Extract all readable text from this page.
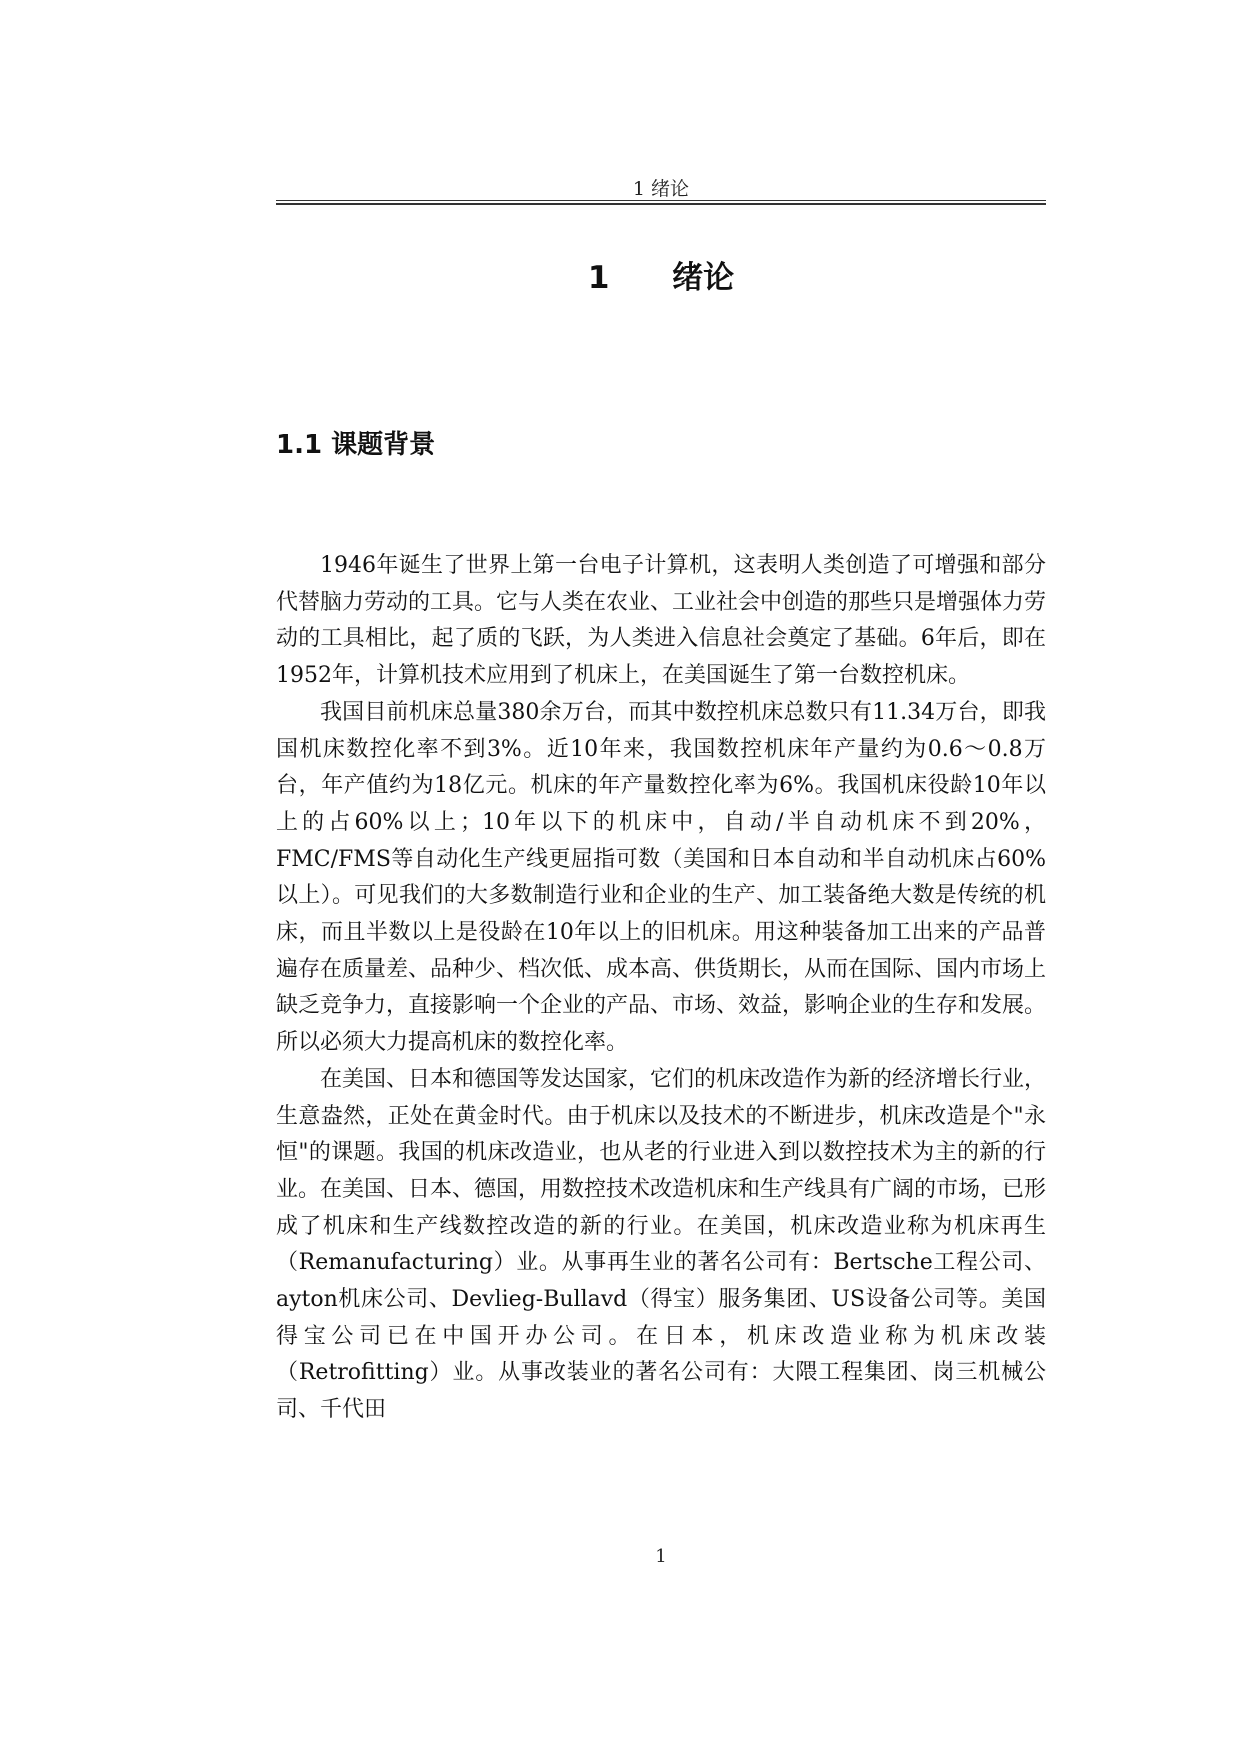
1 绪论
1 绪论
1.1 课题背景

1946年诞生了世界上第一台电子计算机，这表明人类创造了可增强和部分代替脑力劳动的工具。它与人类在农业、工业社会中创造的那些只是增强体力劳动的工具相比，起了质的飞跃，为人类进入信息社会奠定了基础。6年后，即在1952年，计算机技术应用到了机床上，在美国诞生了第一台数控机床。

我国目前机床总量380余万台，而其中数控机床总数只有11.34万台，即我国机床数控化率不到3%。近10年来，我国数控机床年产量约为0.6～0.8万台，年产值约为18亿元。机床的年产量数控化率为6%。我国机床役龄10年以上的占60%以上；10年以下的机床中，自动/半自动机床不到20%，FMC/FMS等自动化生产线更屈指可数（美国和日本自动和半自动机床占60%以上）。可见我们的大多数制造行业和企业的生产、加工装备绝大数是传统的机床，而且半数以上是役龄在10年以上的旧机床。用这种装备加工出来的产品普遍存在质量差、品种少、档次低、成本高、供货期长，从而在国际、国内市场上缺乏竞争力，直接影响一个企业的产品、市场、效益，影响企业的生存和发展。所以必须大力提高机床的数控化率。

在美国、日本和德国等发达国家，它们的机床改造作为新的经济增长行业，生意盎然，正处在黄金时代。由于机床以及技术的不断进步，机床改造是个"永恒"的课题。我国的机床改造业，也从老的行业进入到以数控技术为主的新的行业。在美国、日本、德国，用数控技术改造机床和生产线具有广阔的市场，已形成了机床和生产线数控改造的新的行业。在美国，机床改造业称为机床再生（Remanufacturing）业。从事再生业的著名公司有：Bertsche工程公司、ayton机床公司、Devlieg-Bullavd（得宝）服务集团、US设备公司等。美国得宝公司已在中国开办公司。在日本，机床改造业称为机床改装（Retrofitting）业。从事改装业的著名公司有：大隈工程集团、岗三机械公司、千代田

1
